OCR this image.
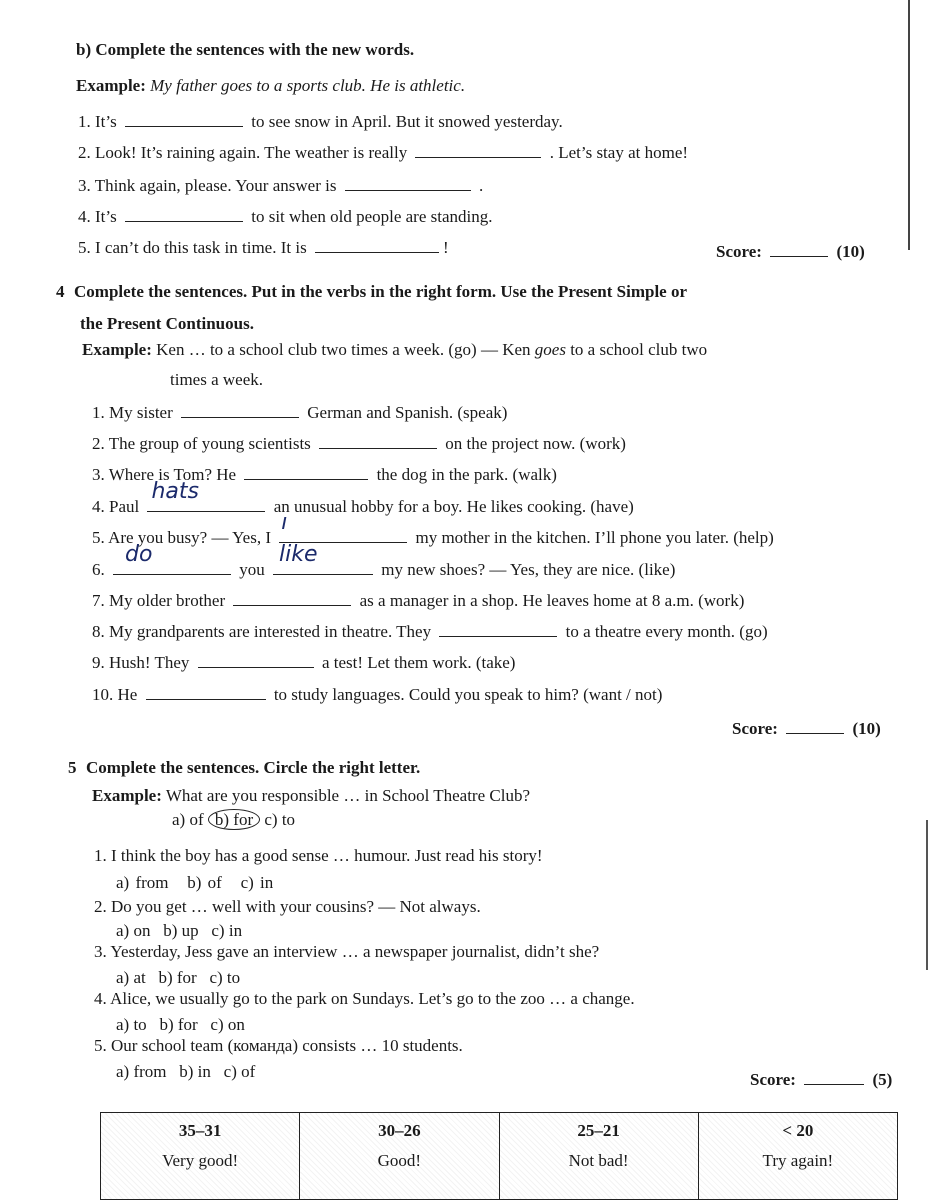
b) Complete the sentences with the new words.
Example: My father goes to a sports club. He is athletic.
1. It’s	to see snow in April. But it snowed yesterday.
2. Look! It’s raining again. The weather is really	. Let’s stay at home!
3. Think again, please. Your answer is	.
4. It’s	to sit when old people are standing.
5. I can’t do this task in time. It is	!	Score:	(10)
4 Complete the sentences. Put in the verbs in the right form. Use the Present Simple or
the Present Continuous.
Example: Ken … to a school club two times a week. (go) — Ken goes to a school club two
times a week.
1. My sister	German and Spanish. (speak)
2. The group of young scientists	on the project now. (work)
3. Where is Tom? He	the dog in the park. (walk)
4. Paul
hats
an unusual hobby for a boy. He likes cooking. (have)
5. Are you busy? — Yes, I
ı
my mother in the kitchen. I’ll phone you later. (help)
6.
do
you
like
my new shoes? — Yes, they are nice. (like)
7. My older brother	as a manager in a shop. He leaves home at 8 a.m. (work)
8. My grandparents are interested in theatre. They	to a theatre every month. (go)
9. Hush! They	a test! Let them work. (take)
10. He	to study languages. Could you speak to him? (want / not)
Score:	(10)
5 Complete the sentences. Circle the right letter.
Example: What are you responsible … in School Theatre Club?
a) of b) for c) to
1. I think the boy has a good sense … humour. Just read his story!
a) from b) of c) in
2. Do you get … well with your cousins? — Not always.
a) on b) up c) in
3. Yesterday, Jess gave an interview … a newspaper journalist, didn’t she?
a) at b) for c) to
4. Alice, we usually go to the park on Sundays. Let’s go to the zoo … a change.
a) to b) for c) on
5. Our school team (команда) consists … 10 students.
a) from b) in c) of	Score:	(5)
35–31
Very good!	
30–26
Good!	
25–21
Not bad!	
< 20
Try again!
